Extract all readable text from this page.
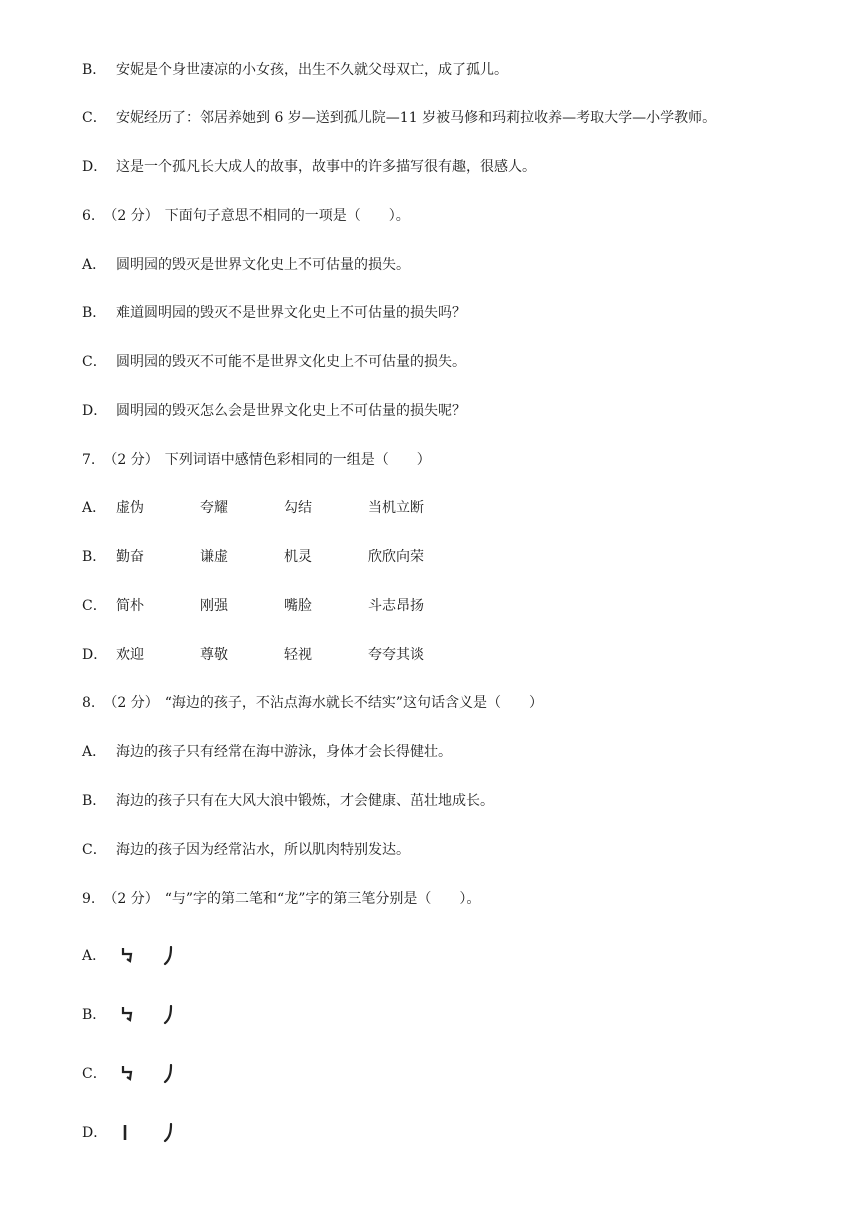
B． 安妮是个身世凄凉的小女孩，出生不久就父母双亡，成了孤儿。
C． 安妮经历了：邻居养她到 6 岁—送到孤儿院—11 岁被马修和玛莉拉收养—考取大学—小学教师。
D． 这是一个孤凡长大成人的故事，故事中的许多描写很有趣，很感人。
6. （2 分） 下面句子意思不相同的一项是（　　）。
A． 圆明园的毁灭是世界文化史上不可估量的损失。
B． 难道圆明园的毁灭不是世界文化史上不可估量的损失吗？
C． 圆明园的毁灭不可能不是世界文化史上不可估量的损失。
D． 圆明园的毁灭怎么会是世界文化史上不可估量的损失呢？
7. （2 分） 下列词语中感情色彩相同的一组是（　　）
A． 虚伪	夸耀	勾结	当机立断
B． 勤奋	谦虚	机灵	欣欣向荣
C． 简朴	刚强	嘴脸	斗志昂扬
D． 欢迎	尊敬	轻视	夸夸其谈
8. （2 分） “海边的孩子，不沾点海水就长不结实”这句话含义是（　　）
A． 海边的孩子只有经常在海中游泳，身体才会长得健壮。
B． 海边的孩子只有在大风大浪中锻炼，才会健康、茁壮地成长。
C． 海边的孩子因为经常沾水，所以肌肉特别发达。
9. （2 分） “与”字的第二笔和“龙”字的第三笔分别是（　　）。
A．

B．

C．

D．
